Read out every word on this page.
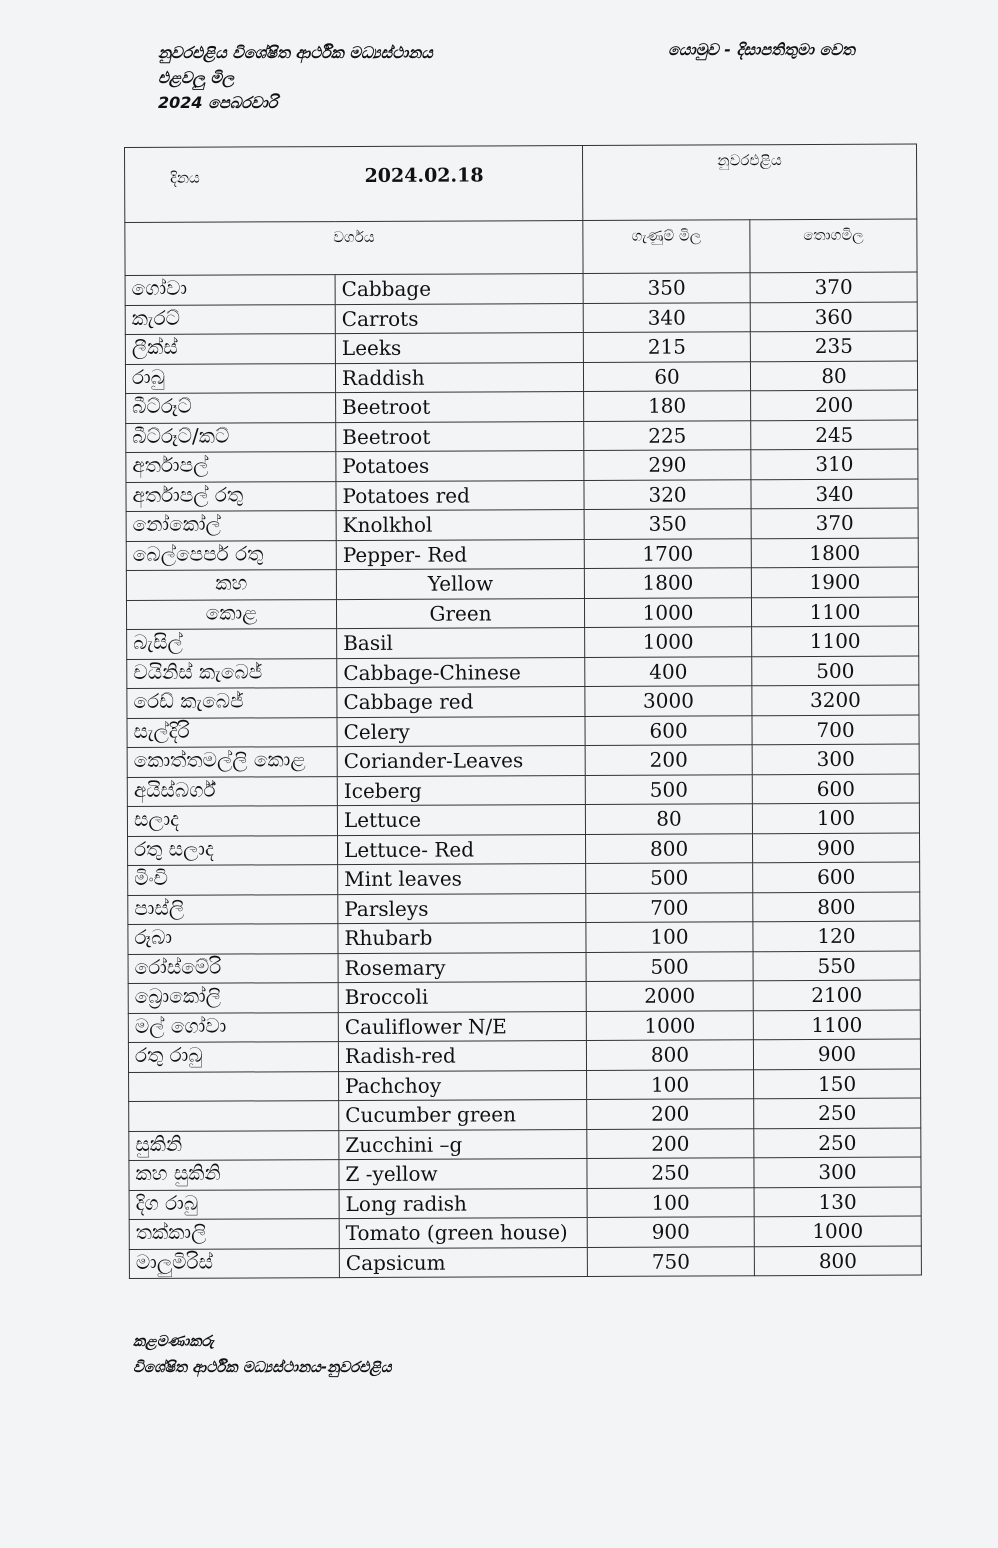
නුවරඑළිය විශේෂිත ආර්ථික මධ්‍යස්ථානය
එළවලු මිල
2024 පෙබරවාරි
යොමුව - දිසාපතිතුමා වෙත
දිනය 2024.02.18		නුවරඑළිය	
වර්ගය		ගැණුම් මිල	තොගමිල
ගෝවා	Cabbage	350	370
කැරට්	Carrots	340	360
ලීක්ස්	Leeks	215	235
රාබු	Raddish	60	80
බීට්රූට්	Beetroot	180	200
බීට්රූට්/කට්	Beetroot	225	245
අර්තාපල්	Potatoes	290	310
අර්තාපල් රතු	Potatoes red	320	340
නෝකෝල්	Knolkhol	350	370
බෙල්පෙපර් රතු	Pepper- Red	1700	1800
කහ	Yellow	1800	1900
කොළ	Green	1000	1100
බැසිල්	Basil	1000	1100
චයිනිස් කැබෙජ්	Cabbage-Chinese	400	500
රෙඩ් කැබෙජ්	Cabbage red	3000	3200
සැල්දිරි	Celery	600	700
කොත්තමල්ලි කොළ	Coriander-Leaves	200	300
අයිස්බර්ග්	Iceberg	500	600
සලාද	Lettuce	80	100
රතු සලාද	Lettuce- Red	800	900
මිංචි	Mint leaves	500	600
පාස්ලි	Parsleys	700	800
රූබා	Rhubarb	100	120
රෝස්මේරි	Rosemary	500	550
බ්‍රොකෝලි	Broccoli	2000	2100
මල් ගෝවා	Cauliflower N/E	1000	1100
රතු රාබු	Radish-red	800	900
	Pachchoy	100	150
	Cucumber green	200	250
සුකිනි	Zucchini –g	200	250
කහ සුකිනි	Z -yellow	250	300
දිග රාබු	Long radish	100	130
තක්කාලි	Tomato (green house)	900	1000
මාලුමිරිස්	Capsicum	750	800
කළමණාකරු
විශේෂිත ආර්ථික මධ්‍යස්ථානය-නුවරඑළිය
